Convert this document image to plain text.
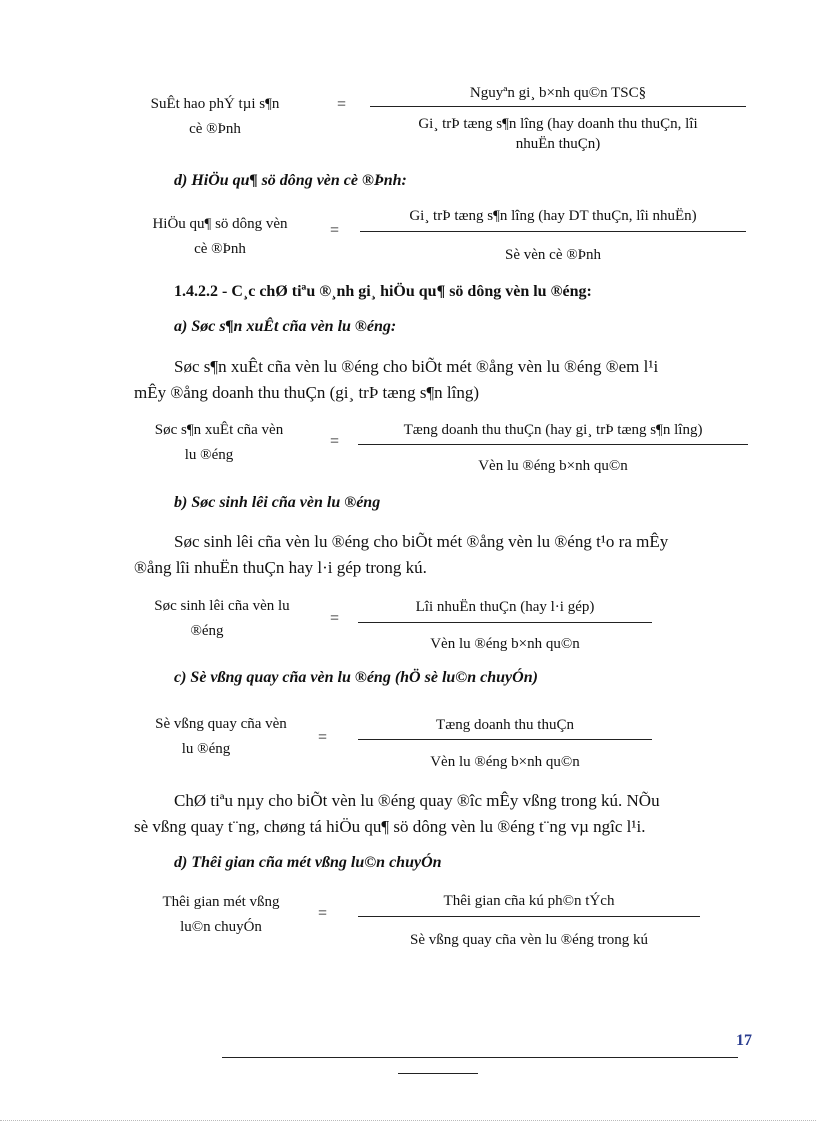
SuÊt hao phÝ tµi s¶n
cè ®Þnh
=
Nguyªn gi¸ b×nh qu©n TSC§
Gi¸ trÞ tæng s¶n lîng (hay doanh thu thuÇn, lîi
nhuËn thuÇn)
d) HiÖu qu¶ sö dông vèn cè ®Þnh:
HiÖu qu¶ sö dông vèn
cè ®Þnh
=
Gi¸ trÞ tæng s¶n lîng (hay DT thuÇn, lîi nhuËn)
Sè vèn cè ®Þnh
1.4.2.2 - C¸c chØ tiªu ®¸nh gi¸ hiÖu qu¶ sö dông vèn lu ®éng:
a) Søc s¶n xuÊt cña vèn lu ®éng:
Søc s¶n xuÊt cña vèn lu ®éng cho biÕt mét ®ång vèn lu ®éng ®em l¹i
mÊy ®ång doanh thu thuÇn (gi¸ trÞ tæng s¶n lîng)
Søc s¶n xuÊt cña vèn
lu ®éng
=
Tæng doanh thu thuÇn (hay gi¸ trÞ tæng s¶n lîng)
Vèn lu ®éng b×nh qu©n
b) Søc sinh lêi cña vèn lu ®éng
Søc sinh lêi cña vèn lu ®éng cho biÕt mét ®ång vèn lu ®éng t¹o ra mÊy
®ång lîi nhuËn thuÇn hay l·i gép trong kú.
Søc sinh lêi cña vèn lu
®éng
=
Lîi nhuËn thuÇn (hay l·i gép)
Vèn lu ®éng b×nh qu©n
c) Sè vßng quay cña vèn lu ®éng (hÖ sè lu©n chuyÓn)
Sè vßng quay cña vèn
lu ®éng
=
Tæng doanh thu thuÇn
Vèn lu ®éng b×nh qu©n
ChØ tiªu nµy cho biÕt vèn lu ®éng quay ®îc mÊy vßng trong kú. NÕu
sè vßng quay t¨ng, chøng tá hiÖu qu¶ sö dông vèn lu ®éng t¨ng vµ ngîc l¹i.
d) Thêi gian cña mét vßng lu©n chuyÓn
Thêi gian mét vßng
lu©n chuyÓn
=
Thêi gian cña kú ph©n tÝch
Sè vßng quay cña vèn lu ®éng trong kú
17
